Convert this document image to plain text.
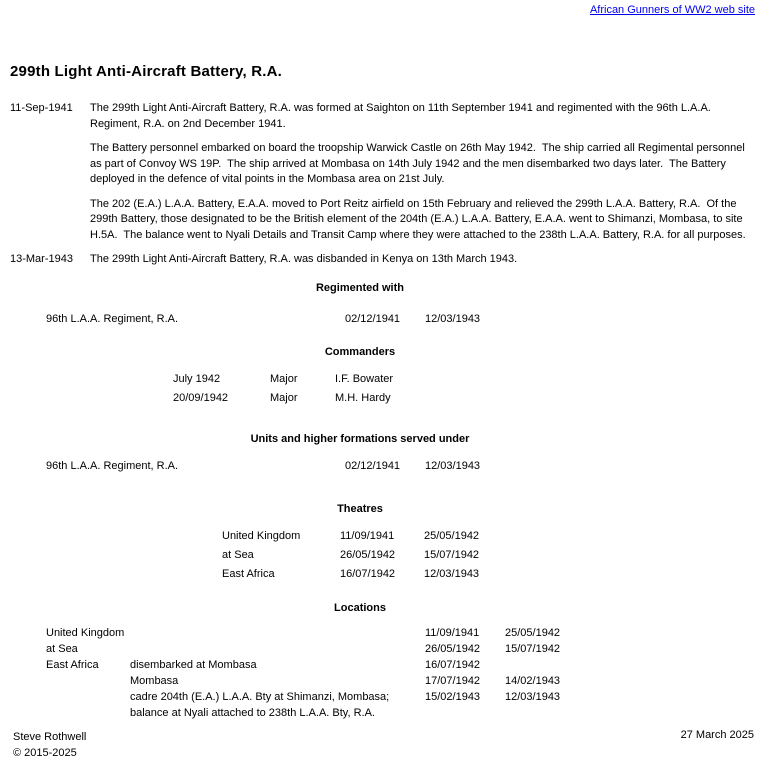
African Gunners of WW2 web site
299th Light Anti-Aircraft Battery, R.A.
11-Sep-1941	The 299th Light Anti-Aircraft Battery, R.A. was formed at Saighton on 11th September 1941 and regimented with the 96th L.A.A. Regiment, R.A. on 2nd December 1941.
The Battery personnel embarked on board the troopship Warwick Castle on 26th May 1942.  The ship carried all Regimental personnel as part of Convoy WS 19P.  The ship arrived at Mombasa on 14th July 1942 and the men disembarked two days later.  The Battery deployed in the defence of vital points in the Mombasa area on 21st July.
The 202 (E.A.) L.A.A. Battery, E.A.A. moved to Port Reitz airfield on 15th February and relieved the 299th L.A.A. Battery, R.A.  Of the 299th Battery, those designated to be the British element of the 204th (E.A.) L.A.A. Battery, E.A.A. went to Shimanzi, Mombasa, to site H.5A.  The balance went to Nyali Details and Transit Camp where they were attached to the 238th L.A.A. Battery, R.A. for all purposes.
13-Mar-1943	The 299th Light Anti-Aircraft Battery, R.A. was disbanded in Kenya on 13th March 1943.
Regimented with
96th L.A.A. Regiment, R.A.	02/12/1941	12/03/1943
Commanders
July 1942	Major	I.F. Bowater
20/09/1942	Major	M.H. Hardy
Units and higher formations served under
96th L.A.A. Regiment, R.A.	02/12/1941	12/03/1943
Theatres
United Kingdom	11/09/1941	25/05/1942
at Sea	26/05/1942	15/07/1942
East Africa	16/07/1942	12/03/1943
Locations
United Kingdom		11/09/1941	25/05/1942
at Sea		26/05/1942	15/07/1942
East Africa	disembarked at Mombasa	16/07/1942	
	Mombasa	17/07/1942	14/02/1943
	cadre 204th (E.A.) L.A.A. Bty at Shimanzi, Mombasa; balance at Nyali attached to 238th L.A.A. Bty, R.A.	15/02/1943	12/03/1943
Steve Rothwell
© 2015-2025
27 March 2025
